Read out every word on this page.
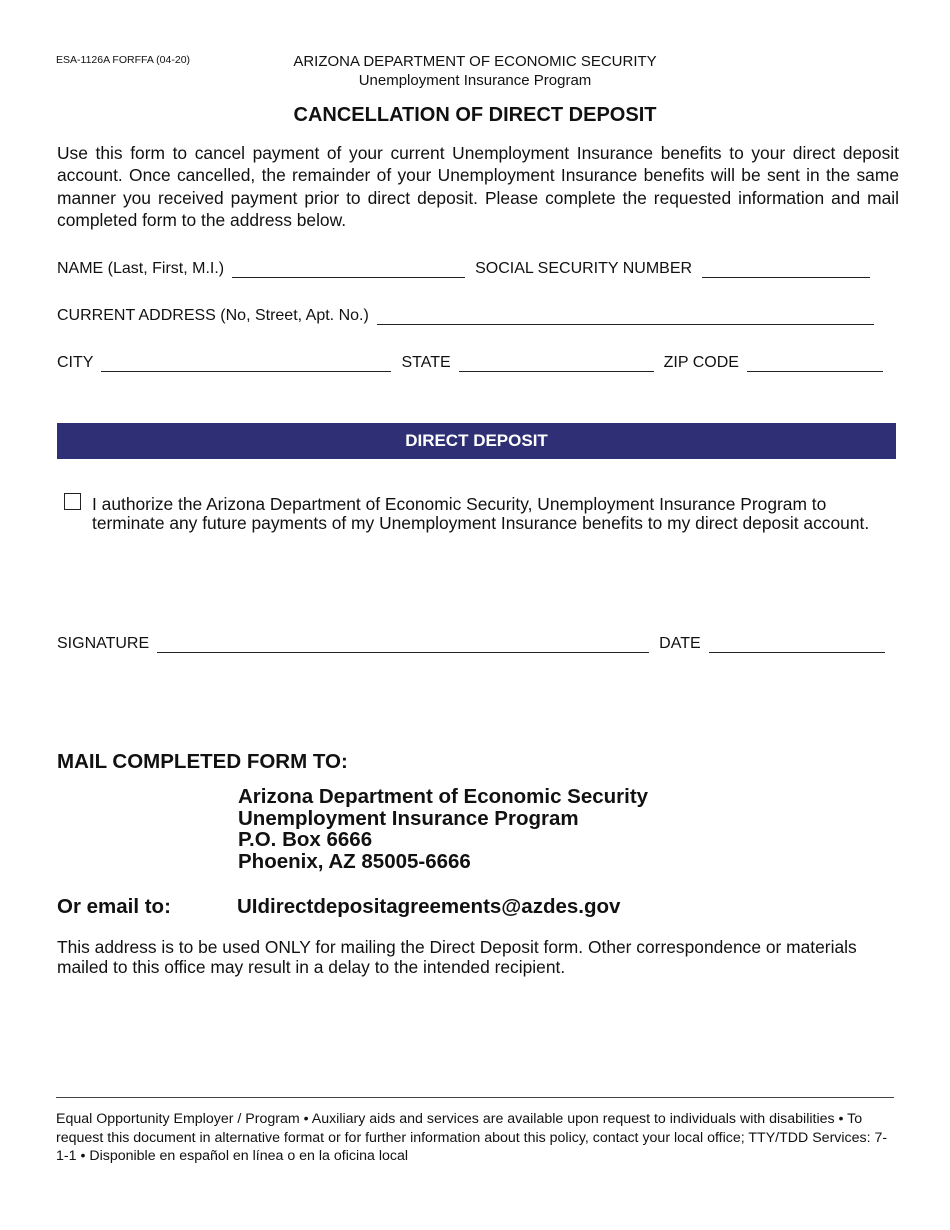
ESA-1126A FORFFA (04-20)	ARIZONA DEPARTMENT OF ECONOMIC SECURITY
Unemployment Insurance Program
CANCELLATION OF DIRECT DEPOSIT
Use this form to cancel payment of your current Unemployment Insurance benefits to your direct deposit account. Once cancelled, the remainder of your Unemployment Insurance benefits will be sent in the same manner you received payment prior to direct deposit. Please complete the requested information and mail completed form to the address below.
NAME (Last, First, M.I.)	SOCIAL SECURITY NUMBER
CURRENT ADDRESS (No, Street, Apt. No.)
CITY	STATE	ZIP CODE
DIRECT DEPOSIT
I authorize the Arizona Department of Economic Security, Unemployment Insurance Program to terminate any future payments of my Unemployment Insurance benefits to my direct deposit account.
SIGNATURE	DATE
MAIL COMPLETED FORM TO:
Arizona Department of Economic Security
Unemployment Insurance Program
P.O. Box 6666
Phoenix, AZ 85005-6666
Or email to:	UIdirectdepositagreements@azdes.gov
This address is to be used ONLY for mailing the Direct Deposit form. Other correspondence or materials mailed to this office may result in a delay to the intended recipient.
Equal Opportunity Employer / Program • Auxiliary aids and services are available upon request to individuals with disabilities • To request this document in alternative format or for further information about this policy, contact your local office; TTY/TDD Services: 7-1-1 • Disponible en español en línea o en la oficina local
